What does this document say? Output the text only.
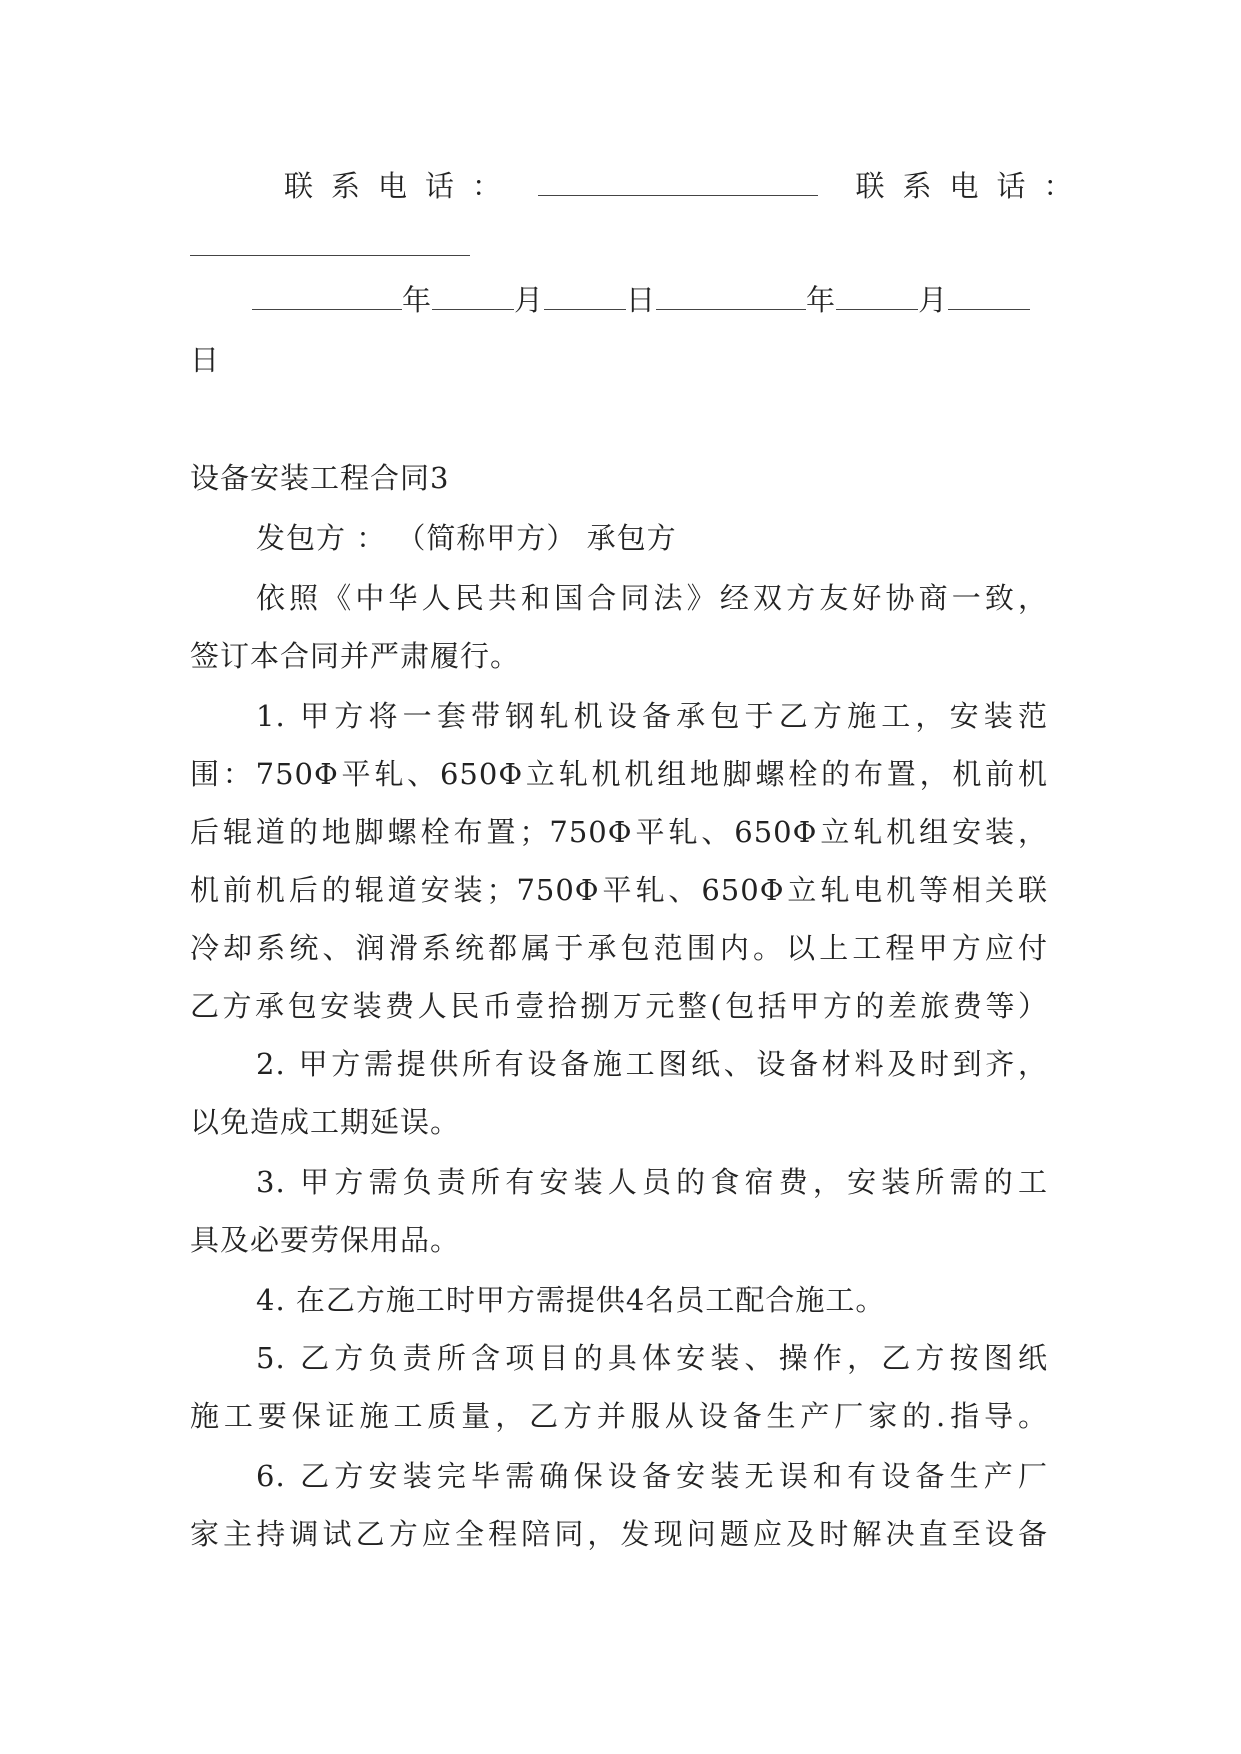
联系电话：	联系电话：
年	月	日	年	月
日
设备安装工程合同3
发包方 ： （简称甲方） 承包方
依照《中华人民共和国合同法》经双方友好协商一致，
签订本合同并严肃履行。
1. 甲方将一套带钢轧机设备承包于乙方施工，安装范
围：750Φ平轧、650Φ立轧机机组地脚螺栓的布置，机前机
后辊道的地脚螺栓布置；750Φ平轧、650Φ立轧机组安装，
机前机后的辊道安装；750Φ平轧、650Φ立轧电机等相关联
冷却系统、润滑系统都属于承包范围内。以上工程甲方应付
乙方承包安装费人民币壹拾捌万元整(包括甲方的差旅费等）
2. 甲方需提供所有设备施工图纸、设备材料及时到齐，
以免造成工期延误。
3. 甲方需负责所有安装人员的食宿费，安装所需的工
具及必要劳保用品。
4. 在乙方施工时甲方需提供4名员工配合施工。
5. 乙方负责所含项目的具体安装、操作，乙方按图纸
施工要保证施工质量，乙方并服从设备生产厂家的.指导。
6. 乙方安装完毕需确保设备安装无误和有设备生产厂
家主持调试乙方应全程陪同，发现问题应及时解决直至设备
